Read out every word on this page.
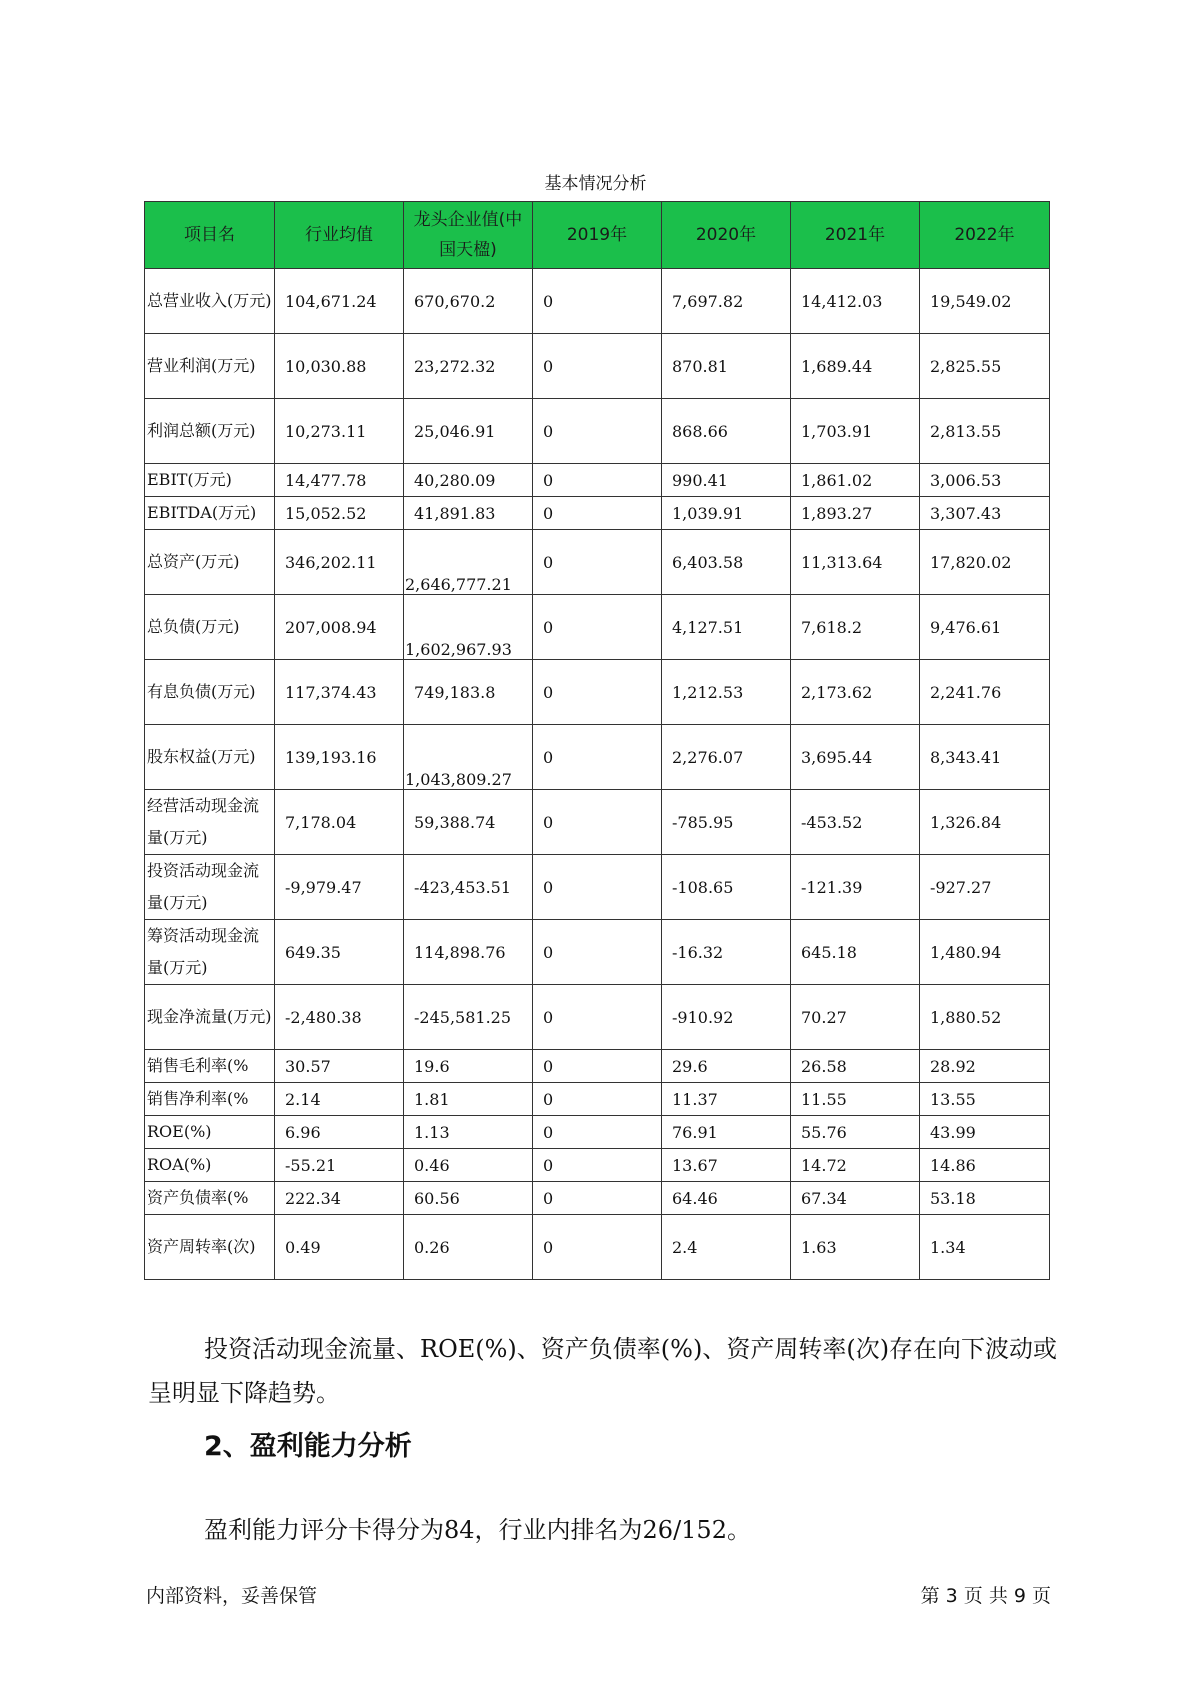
基本情况分析
项目名	行业均值	龙头企业值(中国天楹)	2019年	2020年	2021年	2022年
总营业收入(万元)	104,671.24	670,670.2	0	7,697.82	14,412.03	19,549.02
营业利润(万元)	10,030.88	23,272.32	0	870.81	1,689.44	2,825.55
利润总额(万元)	10,273.11	25,046.91	0	868.66	1,703.91	2,813.55
EBIT(万元)	14,477.78	40,280.09	0	990.41	1,861.02	3,006.53
EBITDA(万元)	15,052.52	41,891.83	0	1,039.91	1,893.27	3,307.43
总资产(万元)	346,202.11	2,646,777.21	0	6,403.58	11,313.64	17,820.02
总负债(万元)	207,008.94	1,602,967.93	0	4,127.51	7,618.2	9,476.61
有息负债(万元)	117,374.43	749,183.8	0	1,212.53	2,173.62	2,241.76
股东权益(万元)	139,193.16	1,043,809.27	0	2,276.07	3,695.44	8,343.41
经营活动现金流量(万元)	7,178.04	59,388.74	0	-785.95	-453.52	1,326.84
投资活动现金流量(万元)	-9,979.47	-423,453.51	0	-108.65	-121.39	-927.27
筹资活动现金流量(万元)	649.35	114,898.76	0	-16.32	645.18	1,480.94
现金净流量(万元)	-2,480.38	-245,581.25	0	-910.92	70.27	1,880.52
销售毛利率(%	30.57	19.6	0	29.6	26.58	28.92
销售净利率(%	2.14	1.81	0	11.37	11.55	13.55
ROE(%)	6.96	1.13	0	76.91	55.76	43.99
ROA(%)	-55.21	0.46	0	13.67	14.72	14.86
资产负债率(%	222.34	60.56	0	64.46	67.34	53.18
资产周转率(次)	0.49	0.26	0	2.4	1.63	1.34
投资活动现金流量、ROE(%)、资产负债率(%)、资产周转率(次)存在向下波动或呈明显下降趋势。
2、盈利能力分析
盈利能力评分卡得分为84，行业内排名为26/152。
内部资料，妥善保管	第 3 页 共 9 页
